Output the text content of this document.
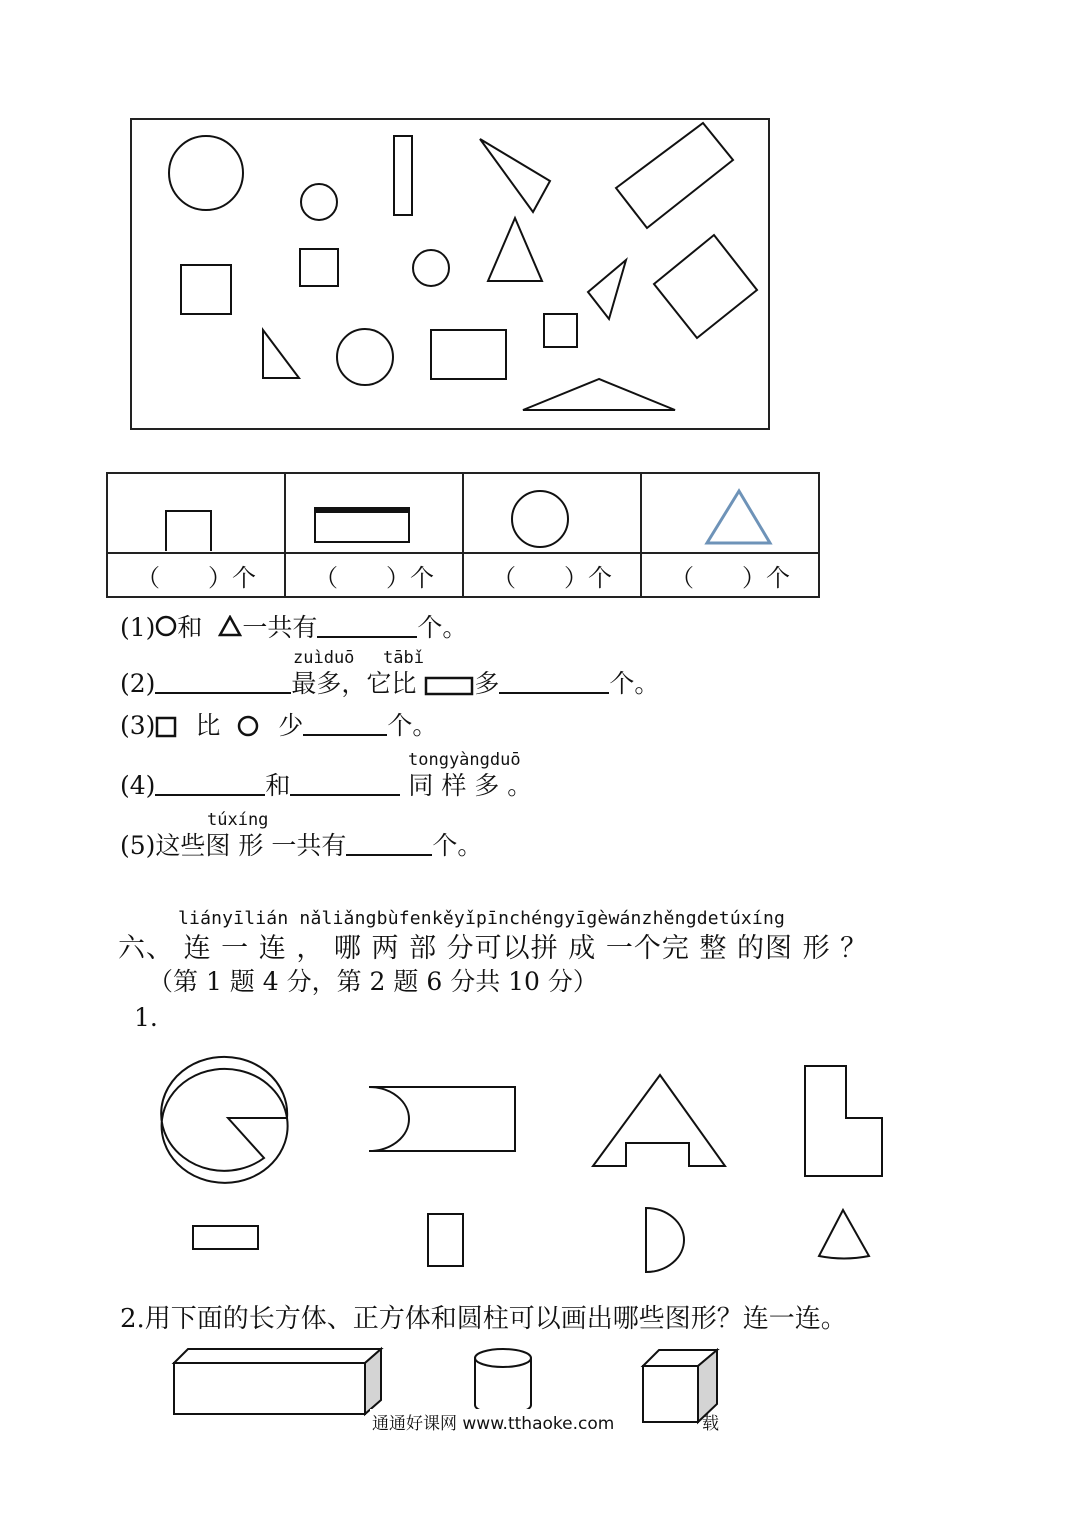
（　　）个	（　　）个	（　　）个	（　　）个
(1) 和 一共有	个。
zuìduō tābǐ
(2)	最多，它比 多	个。
(3) 比 少	个。
tongyàngduō
(4)	和	同 样 多 。
túxíng
(5)这些图 形 一共有	个。
liányīlián nǎliǎngbùfenkěyǐpīnchéngyīgèwánzhěngdetúxíng
六、 连 一 连 ， 哪 两 部 分可以拼 成 一个完 整 的图 形 ？
（第 1 题 4 分，第 2 题 6 分共 10 分）
1.
2.用下面的长方体、正方体和圆柱可以画出哪些图形？连一连。
通通好课网 www.tthaoke.com	载
